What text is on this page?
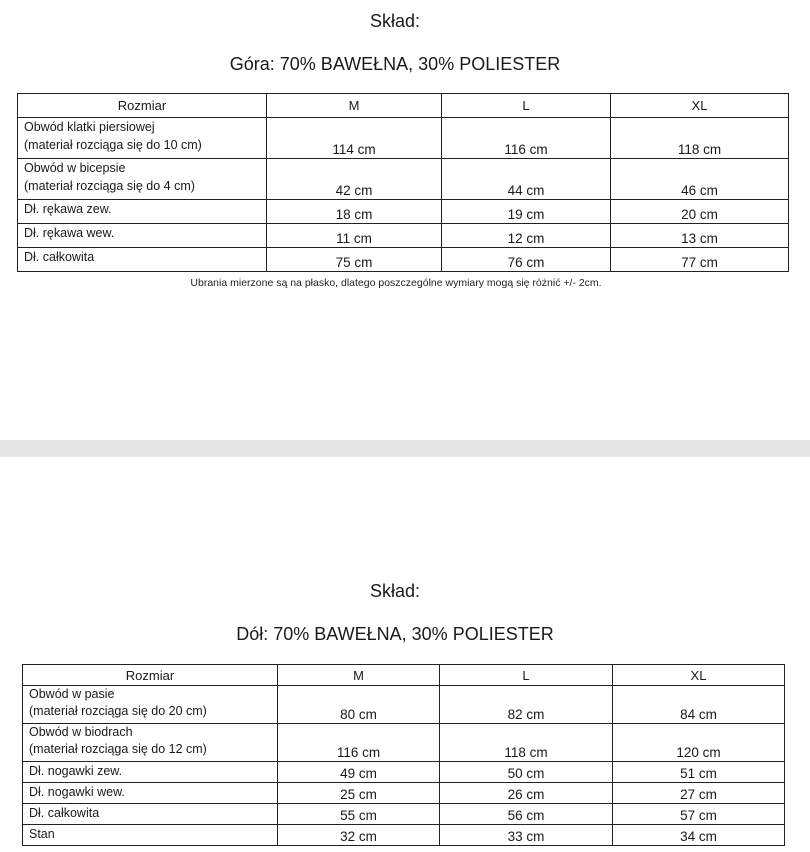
Skład:
Góra: 70% BAWEŁNA, 30% POLIESTER
Rozmiar	M	L	XL

Obwód klatki piersiowej
(materiał rozciąga się do 10 cm)	114 cm	116 cm	118 cm

Obwód w bicepsie
(materiał rozciąga się do 4 cm)	42 cm	44 cm	46 cm
Dł. rękawa zew.	18 cm	19 cm	20 cm
Dł. rękawa wew.	11 cm	12 cm	13 cm
Dł. całkowita	75 cm	76 cm	77 cm
Ubrania mierzone są na płasko, dlatego poszczególne wymiary mogą się różnić +/- 2cm.
Skład:
Dół: 70% BAWEŁNA, 30% POLIESTER
Rozmiar	M	L	XL

Obwód w pasie
(materiał rozciąga się do 20 cm)	80 cm	82 cm	84 cm

Obwód w biodrach
(materiał rozciąga się do 12 cm)	116 cm	118 cm	120 cm
Dł. nogawki zew.	49 cm	50 cm	51 cm
Dł. nogawki wew.	25 cm	26 cm	27 cm
Dł. całkowita	55 cm	56 cm	57 cm
Stan	32 cm	33 cm	34 cm
